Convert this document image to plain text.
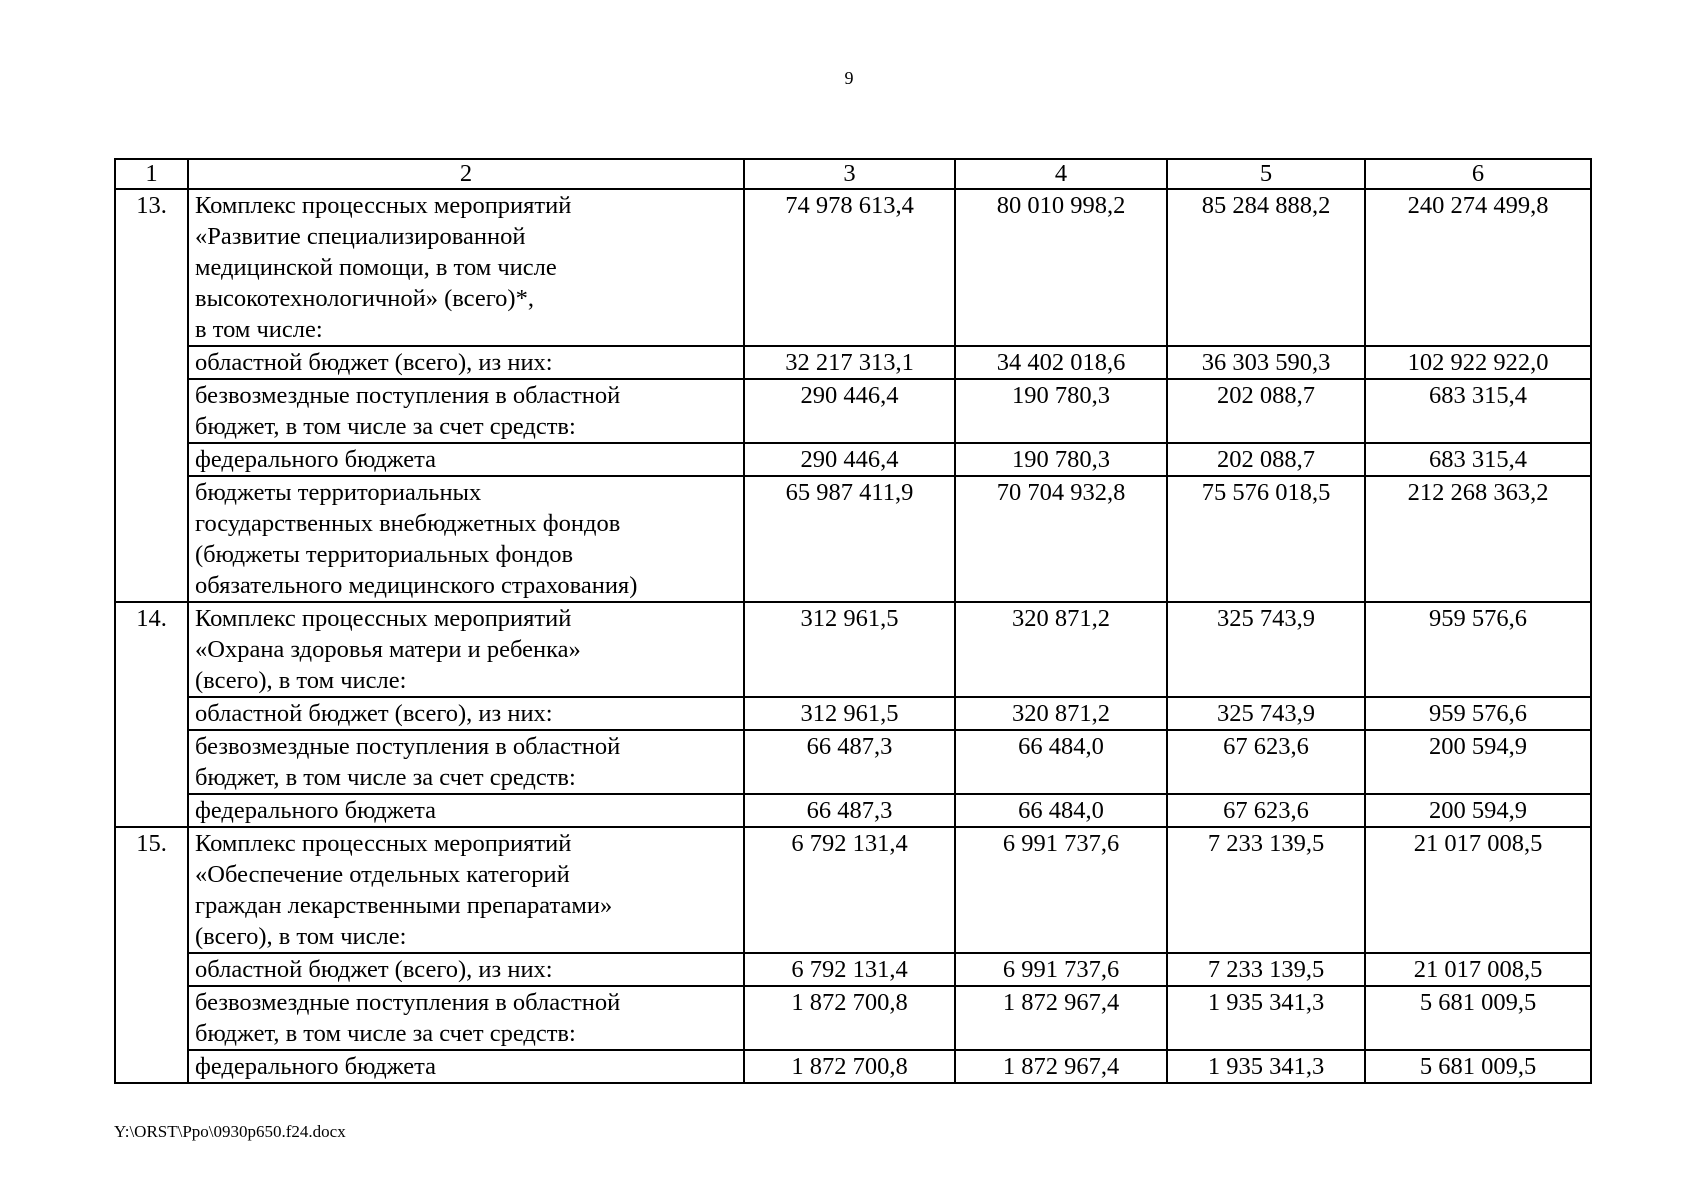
9
1	2	3	4	5	6
13.	Комплекс процессных мероприятий
«Развитие специализированной
медицинской помощи, в том числе
высокотехнологичной» (всего)*,
в том числе:	74 978 613,4	80 010 998,2	85 284 888,2	240 274 499,8

	областной бюджет (всего), из них:	32 217 313,1	34 402 018,6	36 303 590,3	102 922 922,0

	безвозмездные поступления в областной
бюджет, в том числе за счет средств:	290 446,4	190 780,3	202 088,7	683 315,4

	федерального бюджета	290 446,4	190 780,3	202 088,7	683 315,4

	бюджеты территориальных
государственных внебюджетных фондов
(бюджеты территориальных фондов
обязательного медицинского страхования)	65 987 411,9	70 704 932,8	75 576 018,5	212 268 363,2
14.	Комплекс процессных мероприятий
«Охрана здоровья матери и ребенка»
(всего), в том числе:	312 961,5	320 871,2	325 743,9	959 576,6

	областной бюджет (всего), из них:	312 961,5	320 871,2	325 743,9	959 576,6

	безвозмездные поступления в областной
бюджет, в том числе за счет средств:	66 487,3	66 484,0	67 623,6	200 594,9

	федерального бюджета	66 487,3	66 484,0	67 623,6	200 594,9
15.	Комплекс процессных мероприятий
«Обеспечение отдельных категорий
граждан лекарственными препаратами»
(всего), в том числе:	6 792 131,4	6 991 737,6	7 233 139,5	21 017 008,5

	областной бюджет (всего), из них:	6 792 131,4	6 991 737,6	7 233 139,5	21 017 008,5

	безвозмездные поступления в областной
бюджет, в том числе за счет средств:	1 872 700,8	1 872 967,4	1 935 341,3	5 681 009,5

	федерального бюджета	1 872 700,8	1 872 967,4	1 935 341,3	5 681 009,5
Y:\ORST\Ppo\0930p650.f24.docx
